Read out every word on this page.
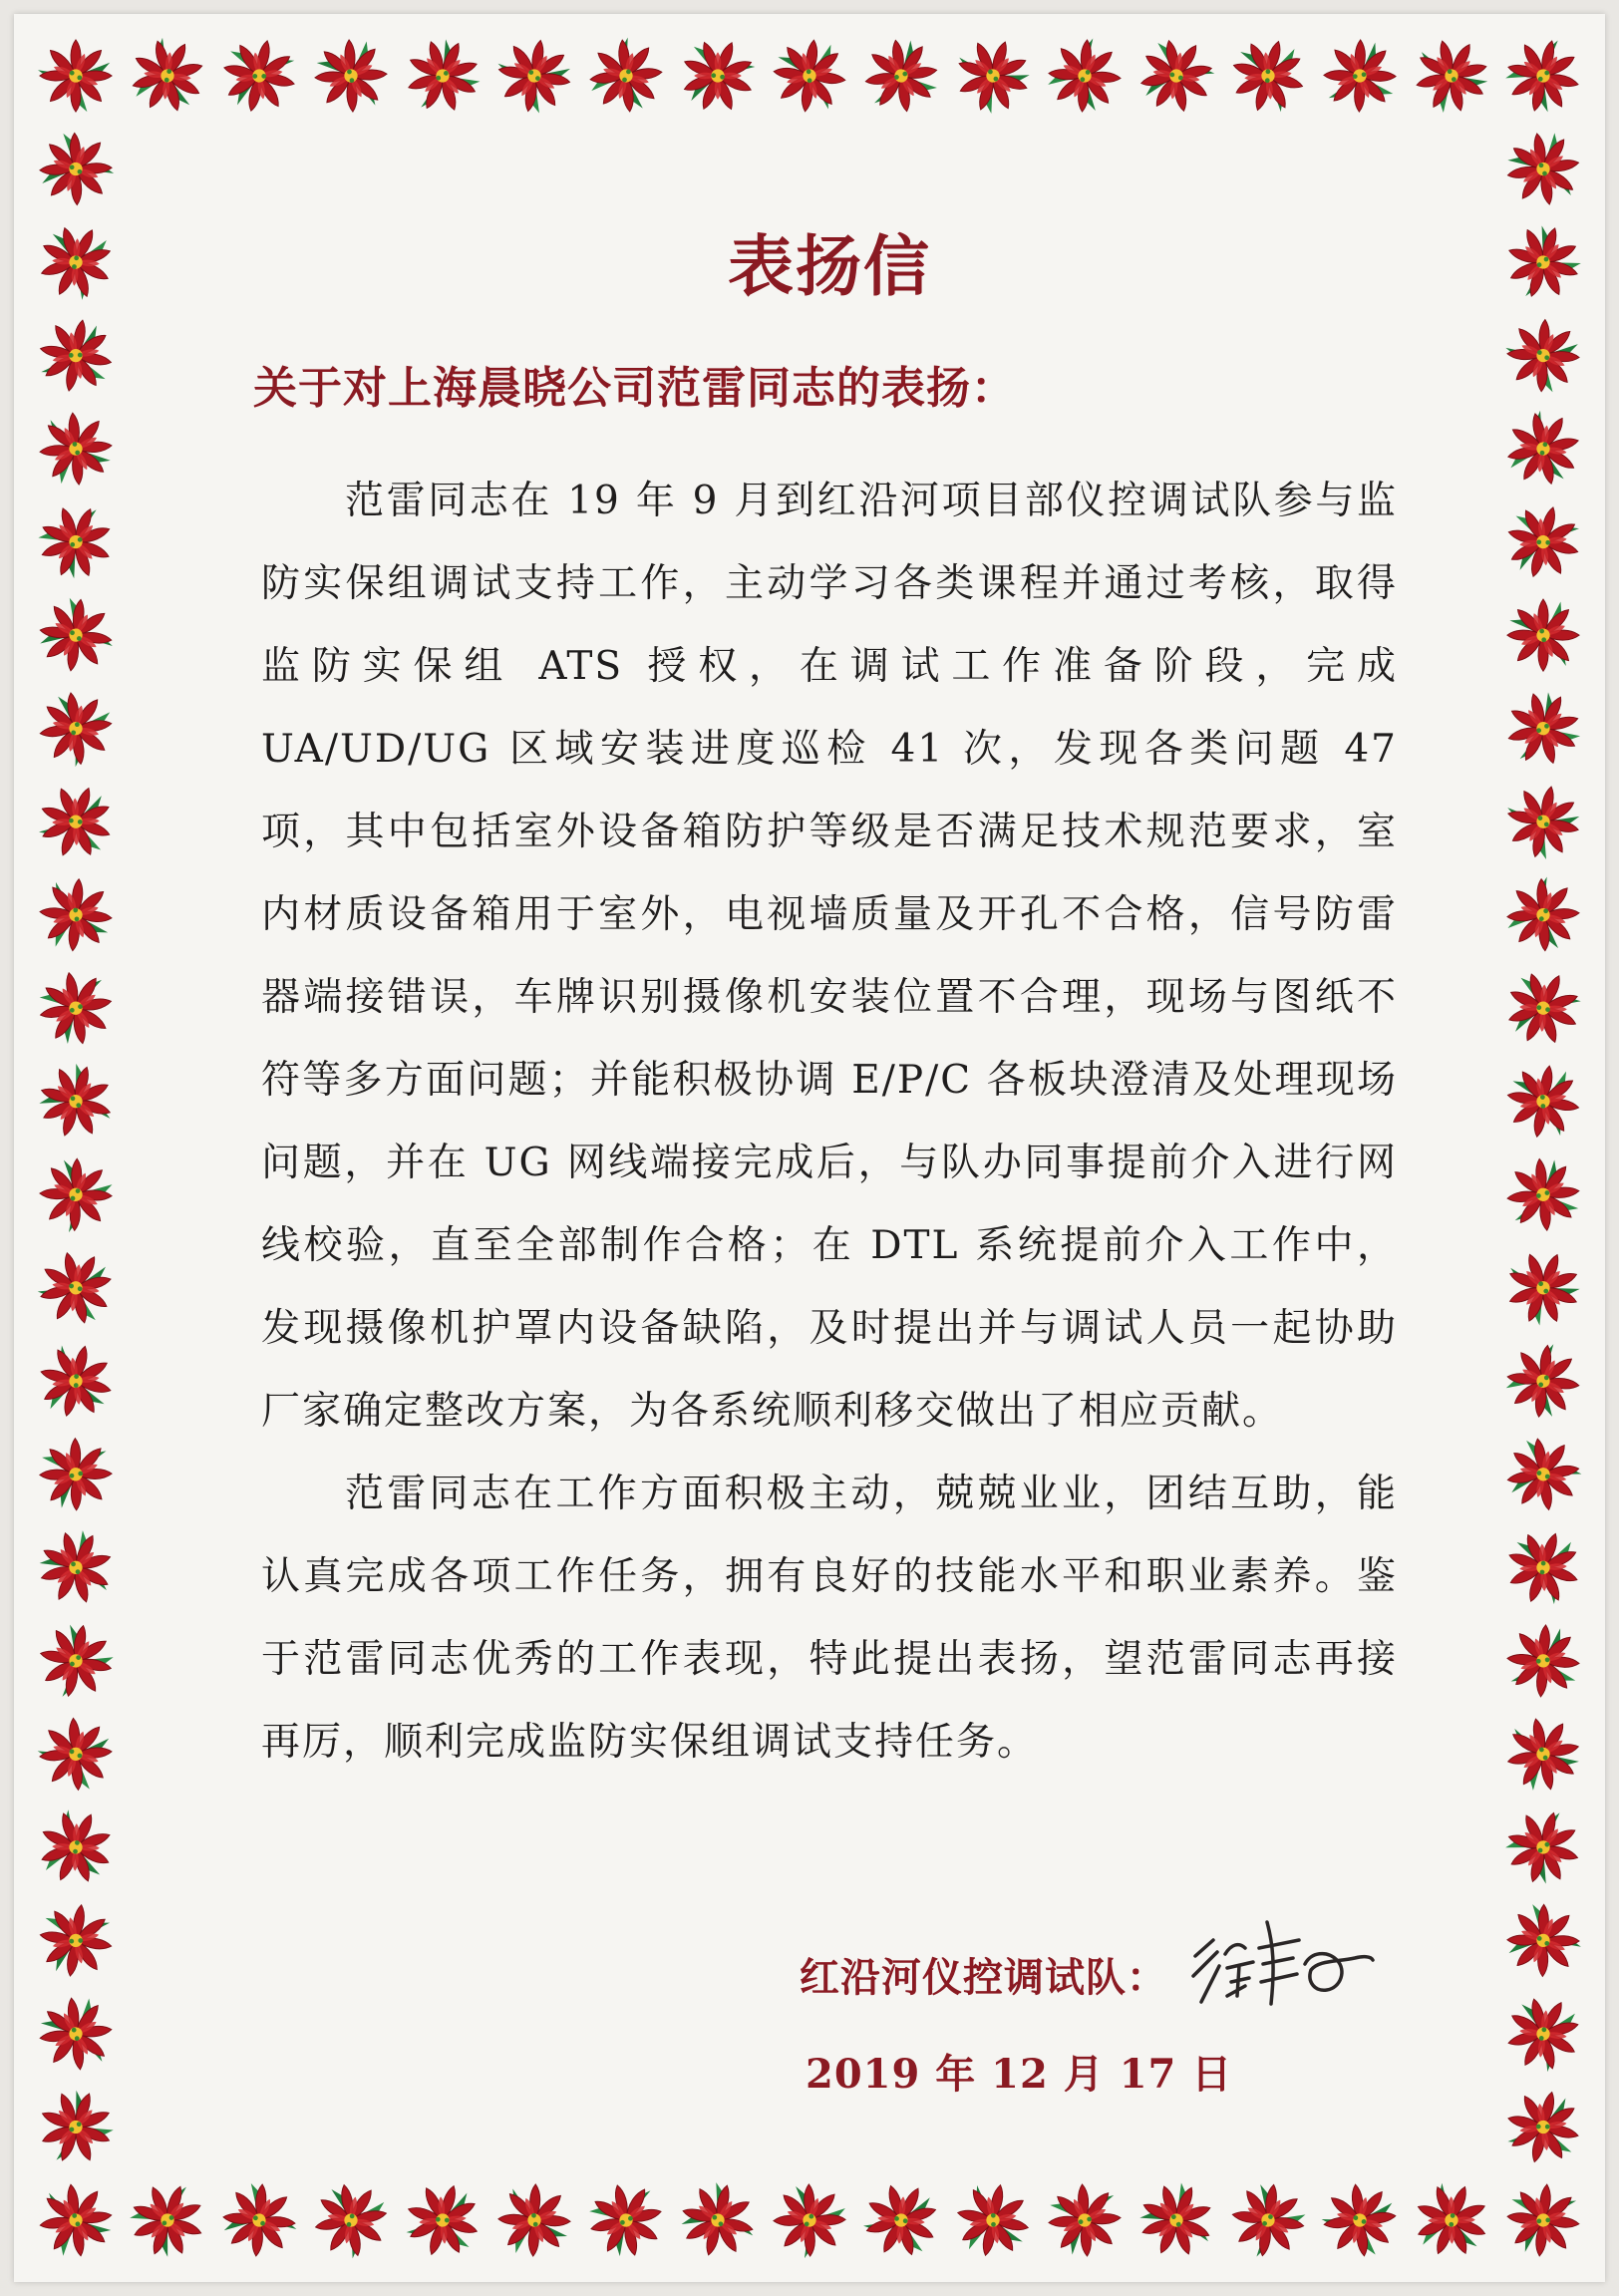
表扬信
关于对上海晨晓公司范雷同志的表扬：

范雷同志在 19 年 9 月到红沿河项目部仪控调试队参与监防实保组调试支持工作，主动学习各类课程并通过考核，取得监防实保组 ATS 授权，在调试工作准备阶段，完成 UA/UD/UG 区域安装进度巡检 41 次，发现各类问题 47 项，其中包括室外设备箱防护等级是否满足技术规范要求，室内材质设备箱用于室外，电视墙质量及开孔不合格，信号防雷器端接错误，车牌识别摄像机安装位置不合理，现场与图纸不符等多方面问题；并能积极协调 E/P/C 各板块澄清及处理现场问题，并在 UG 网线端接完成后，与队办同事提前介入进行网线校验，直至全部制作合格；在 DTL 系统提前介入工作中，发现摄像机护罩内设备缺陷，及时提出并与调试人员一起协助厂家确定整改方案，为各系统顺利移交做出了相应贡献。

范雷同志在工作方面积极主动，兢兢业业，团结互助，能认真完成各项工作任务，拥有良好的技能水平和职业素养。鉴于范雷同志优秀的工作表现，特此提出表扬，望范雷同志再接再厉，顺利完成监防实保组调试支持任务。

红沿河仪控调试队：
2019 年 12 月 17 日
